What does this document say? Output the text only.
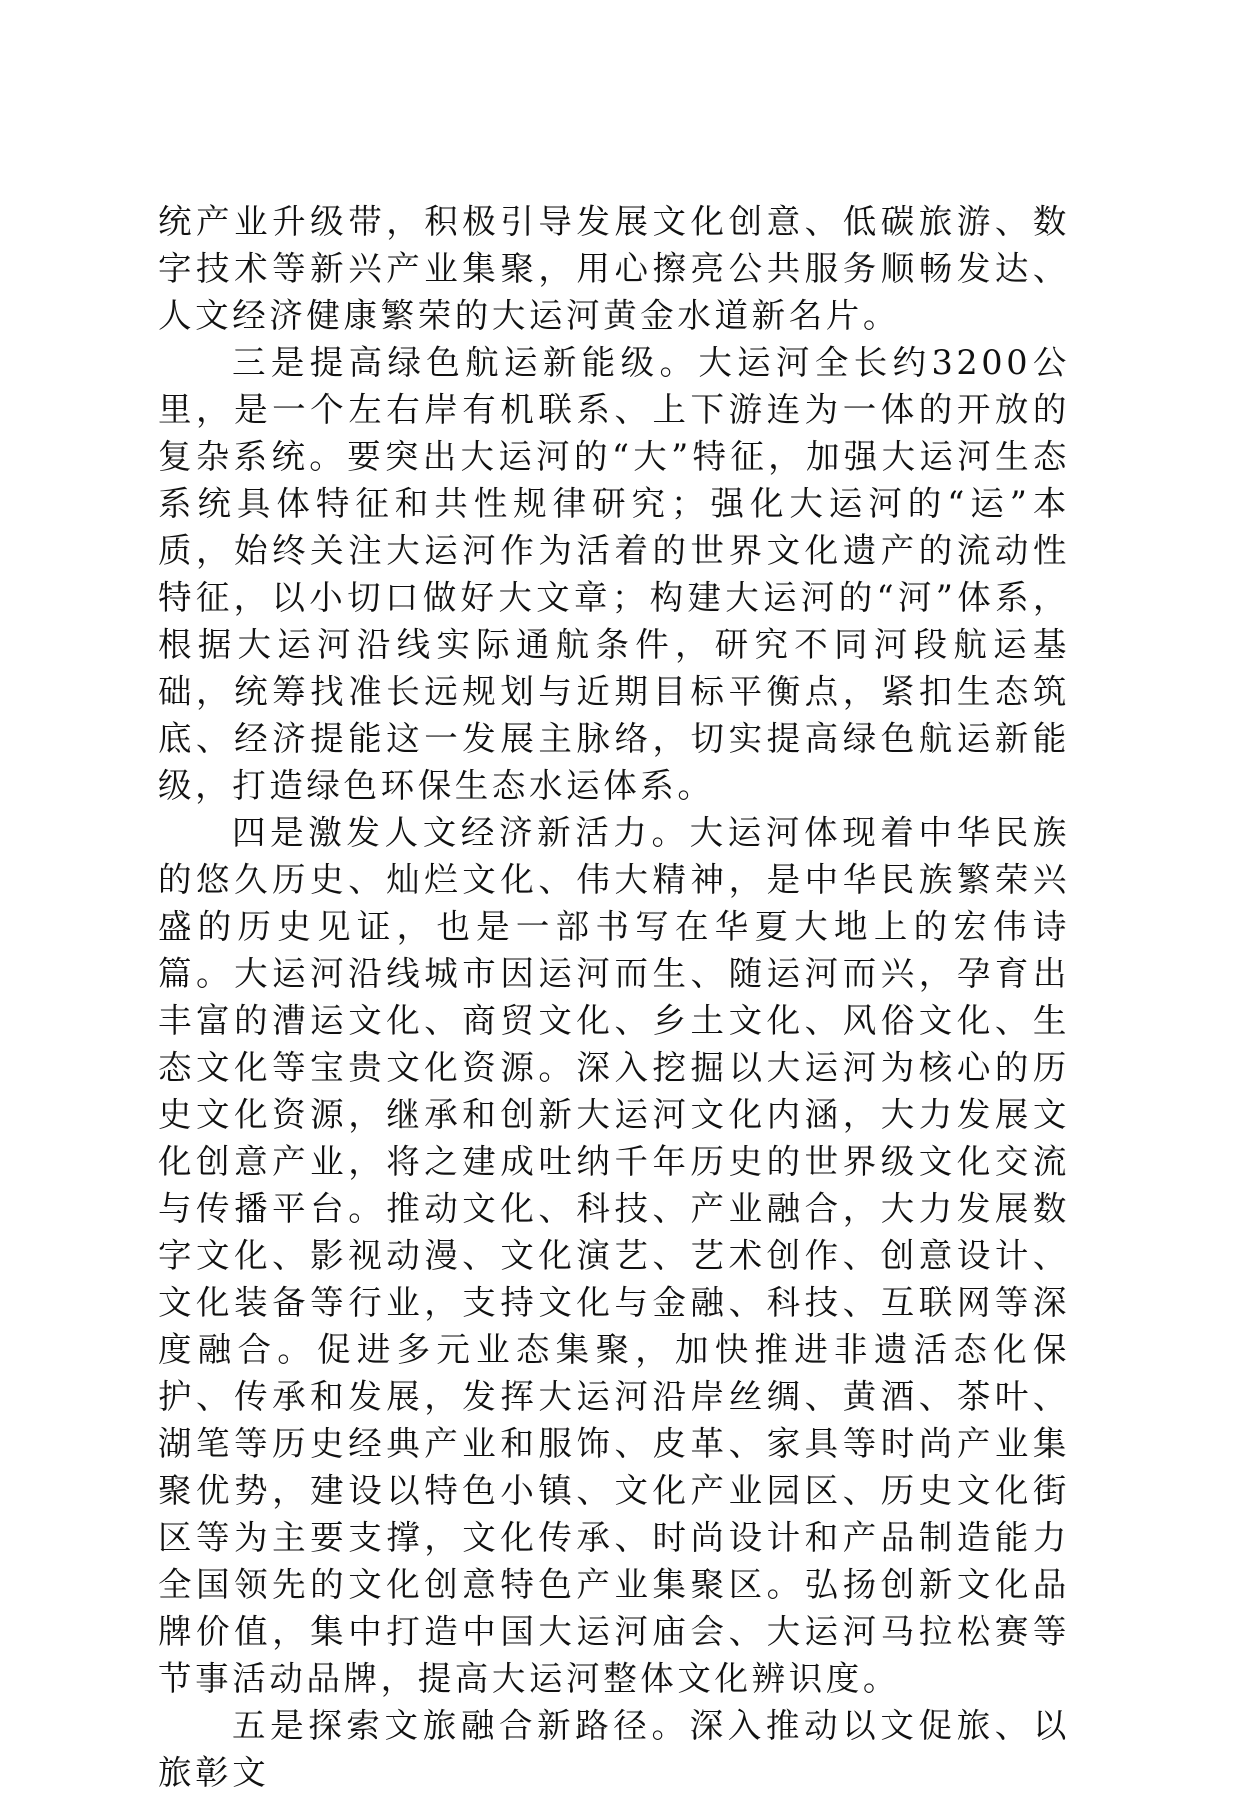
统产业升级带，积极引导发展文化创意、低碳旅游、数字技术等新兴产业集聚，用心擦亮公共服务顺畅发达、人文经济健康繁荣的大运河黄金水道新名片。

三是提高绿色航运新能级。大运河全长约3200公里，是一个左右岸有机联系、上下游连为一体的开放的复杂系统。要突出大运河的“大”特征，加强大运河生态系统具体特征和共性规律研究；强化大运河的“运”本质，始终关注大运河作为活着的世界文化遗产的流动性特征，以小切口做好大文章；构建大运河的“河”体系，根据大运河沿线实际通航条件，研究不同河段航运基础，统筹找准长远规划与近期目标平衡点，紧扣生态筑底、经济提能这一发展主脉络，切实提高绿色航运新能级，打造绿色环保生态水运体系。

四是激发人文经济新活力。大运河体现着中华民族的悠久历史、灿烂文化、伟大精神，是中华民族繁荣兴盛的历史见证，也是一部书写在华夏大地上的宏伟诗篇。大运河沿线城市因运河而生、随运河而兴，孕育出丰富的漕运文化、商贸文化、乡土文化、风俗文化、生态文化等宝贵文化资源。深入挖掘以大运河为核心的历史文化资源，继承和创新大运河文化内涵，大力发展文化创意产业，将之建成吐纳千年历史的世界级文化交流与传播平台。推动文化、科技、产业融合，大力发展数字文化、影视动漫、文化演艺、艺术创作、创意设计、文化装备等行业，支持文化与金融、科技、互联网等深度融合。促进多元业态集聚，加快推进非遗活态化保护、传承和发展，发挥大运河沿岸丝绸、黄酒、茶叶、湖笔等历史经典产业和服饰、皮革、家具等时尚产业集聚优势，建设以特色小镇、文化产业园区、历史文化街区等为主要支撑，文化传承、时尚设计和产品制造能力全国领先的文化创意特色产业集聚区。弘扬创新文化品牌价值，集中打造中国大运河庙会、大运河马拉松赛等节事活动品牌，提高大运河整体文化辨识度。

五是探索文旅融合新路径。深入推动以文促旅、以旅彰文
